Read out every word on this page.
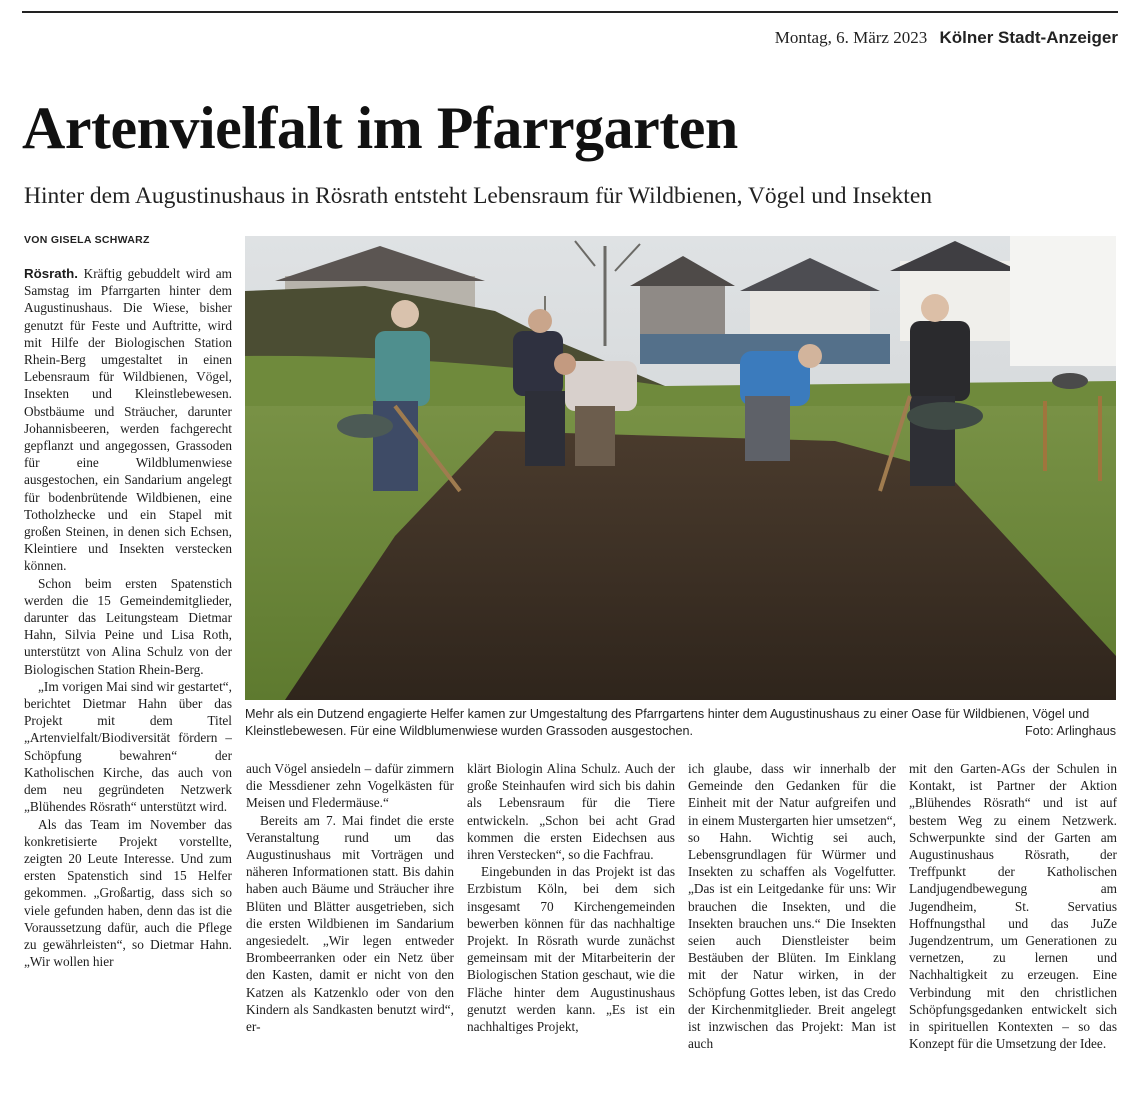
Montag, 6. März 2023 Kölner Stadt-Anzeiger
Artenvielfalt im Pfarrgarten
Hinter dem Augustinushaus in Rösrath entsteht Lebensraum für Wildbienen, Vögel und Insekten
VON GISELA SCHWARZ

Rösrath. Kräftig gebuddelt wird am Samstag im Pfarrgarten hinter dem Augustinushaus. Die Wiese, bisher genutzt für Feste und Auftritte, wird mit Hilfe der Biologischen Station Rhein-Berg umgestaltet in einen Lebensraum für Wildbienen, Vögel, Insekten und Kleinstlebewesen. Obstbäume und Sträucher, darunter Johannisbeeren, werden fachgerecht gepflanzt und angegossen, Grassoden für eine Wildblumenwiese ausgestochen, ein Sandarium angelegt für bodenbrütende Wildbienen, eine Totholzhecke und ein Stapel mit großen Steinen, in denen sich Echsen, Kleintiere und Insekten verstecken können.

Schon beim ersten Spatenstich werden die 15 Gemeindemitglieder, darunter das Leitungsteam Dietmar Hahn, Silvia Peine und Lisa Roth, unterstützt von Alina Schulz von der Biologischen Station Rhein-Berg.

„Im vorigen Mai sind wir gestartet“, berichtet Dietmar Hahn über das Projekt mit dem Titel „Artenvielfalt/Biodiversität fördern – Schöpfung bewahren“ der Katholischen Kirche, das auch von dem neu gegründeten Netzwerk „Blühendes Rösrath“ unterstützt wird.

Als das Team im November das konkretisierte Projekt vorstellte, zeigten 20 Leute Interesse. Und zum ersten Spatenstich sind 15 Helfer gekommen. „Großartig, dass sich so viele gefunden haben, denn das ist die Voraussetzung dafür, auch die Pflege zu gewährleisten“, so Dietmar Hahn. „Wir wollen hier

Mehr als ein Dutzend engagierte Helfer kamen zur Umgestaltung des Pfarrgartens hinter dem Augustinushaus zu einer Oase für Wildbienen, Vögel und Kleinstlebewesen. Für eine Wildblumenwiese wurden Grassoden ausgestochen.	Foto: Arlinghaus

auch Vögel ansiedeln – dafür zimmern die Messdiener zehn Vogelkästen für Meisen und Fledermäuse.“

Bereits am 7. Mai findet die erste Veranstaltung rund um das Augustinushaus mit Vorträgen und näheren Informationen statt. Bis dahin haben auch Bäume und Sträucher ihre Blüten und Blätter ausgetrieben, sich die ersten Wildbienen im Sandarium angesiedelt. „Wir legen entweder Brombeerranken oder ein Netz über den Kasten, damit er nicht von den Katzen als Katzenklo oder von den Kindern als Sandkasten benutzt wird“, er-

klärt Biologin Alina Schulz. Auch der große Steinhaufen wird sich bis dahin als Lebensraum für die Tiere entwickeln. „Schon bei acht Grad kommen die ersten Eidechsen aus ihren Verstecken“, so die Fachfrau.

Eingebunden in das Projekt ist das Erzbistum Köln, bei dem sich insgesamt 70 Kirchengemeinden bewerben können für das nachhaltige Projekt. In Rösrath wurde zunächst gemeinsam mit der Mitarbeiterin der Biologischen Station geschaut, wie die Fläche hinter dem Augustinushaus genutzt werden kann. „Es ist ein nachhaltiges Projekt,

ich glaube, dass wir innerhalb der Gemeinde den Gedanken für die Einheit mit der Natur aufgreifen und in einem Mustergarten hier umsetzen“, so Hahn. Wichtig sei auch, Lebensgrundlagen für Würmer und Insekten zu schaffen als Vogelfutter. „Das ist ein Leitgedanke für uns: Wir brauchen die Insekten, und die Insekten brauchen uns.“ Die Insekten seien auch Dienstleister beim Bestäuben der Blüten. Im Einklang mit der Natur wirken, in der Schöpfung Gottes leben, ist das Credo der Kirchenmitglieder. Breit angelegt ist inzwischen das Projekt: Man ist auch

mit den Garten-AGs der Schulen in Kontakt, ist Partner der Aktion „Blühendes Rösrath“ und ist auf bestem Weg zu einem Netzwerk. Schwerpunkte sind der Garten am Augustinushaus Rösrath, der Treffpunkt der Katholischen Landjugendbewegung am Jugendheim, St. Servatius Hoffnungsthal und das JuZe Jugendzentrum, um Generationen zu vernetzen, zu lernen und Nachhaltigkeit zu erzeugen. Eine Verbindung mit den christlichen Schöpfungsgedanken entwickelt sich in spirituellen Kontexten – so das Konzept für die Umsetzung der Idee.
